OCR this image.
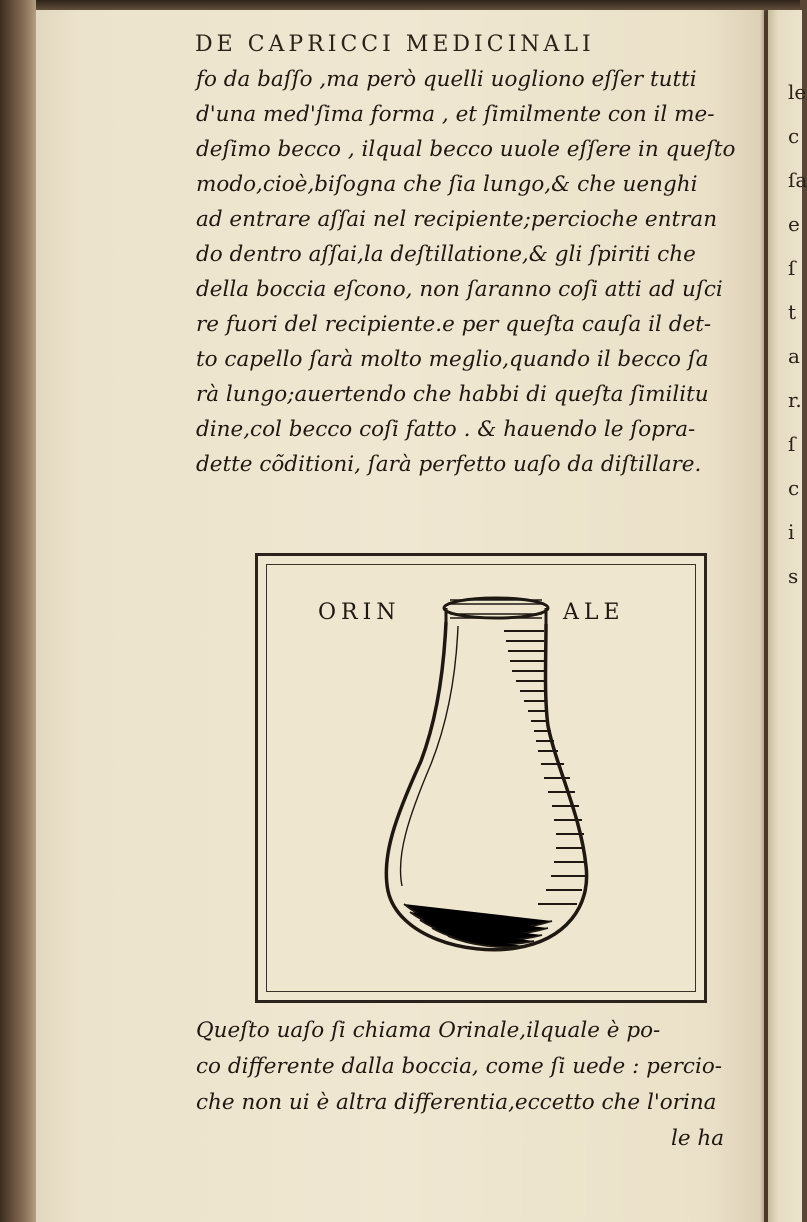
le
c
ſa
e
ſ
t
a
r.
ſ
c
i
s
DE CAPRICCI MEDICINALI
fo da baſſo ,ma però quelli uogliono eſſer tutti
d'una med'ſima forma , et ſimilmente con il me-
deſimo becco , ilqual becco uuole eſſere in queſto
modo,cioè,biſogna che ſia lungo,& che uenghi
ad entrare aſſai nel recipiente;percioche entran
do dentro aſſai,la deſtillatione,& gli ſpiriti che
della boccia eſcono, non ſaranno coſi atti ad uſci
re fuori del recipiente.e per queſta cauſa il det-
to capello ſarà molto meglio,quando il becco ſa
rà lungo;auertendo che habbi di queſta ſimilitu
dine,col becco coſi fatto . & hauendo le ſopra-
dette cõditioni, ſarà perfetto uaſo da diſtillare.
ORIN	ALE
Queſto uaſo ſi chiama Orinale,ilquale è po-
co differente dalla boccia, come ſi uede : percio-
che non ui è altra differentia,eccetto che l'orina
le ha
